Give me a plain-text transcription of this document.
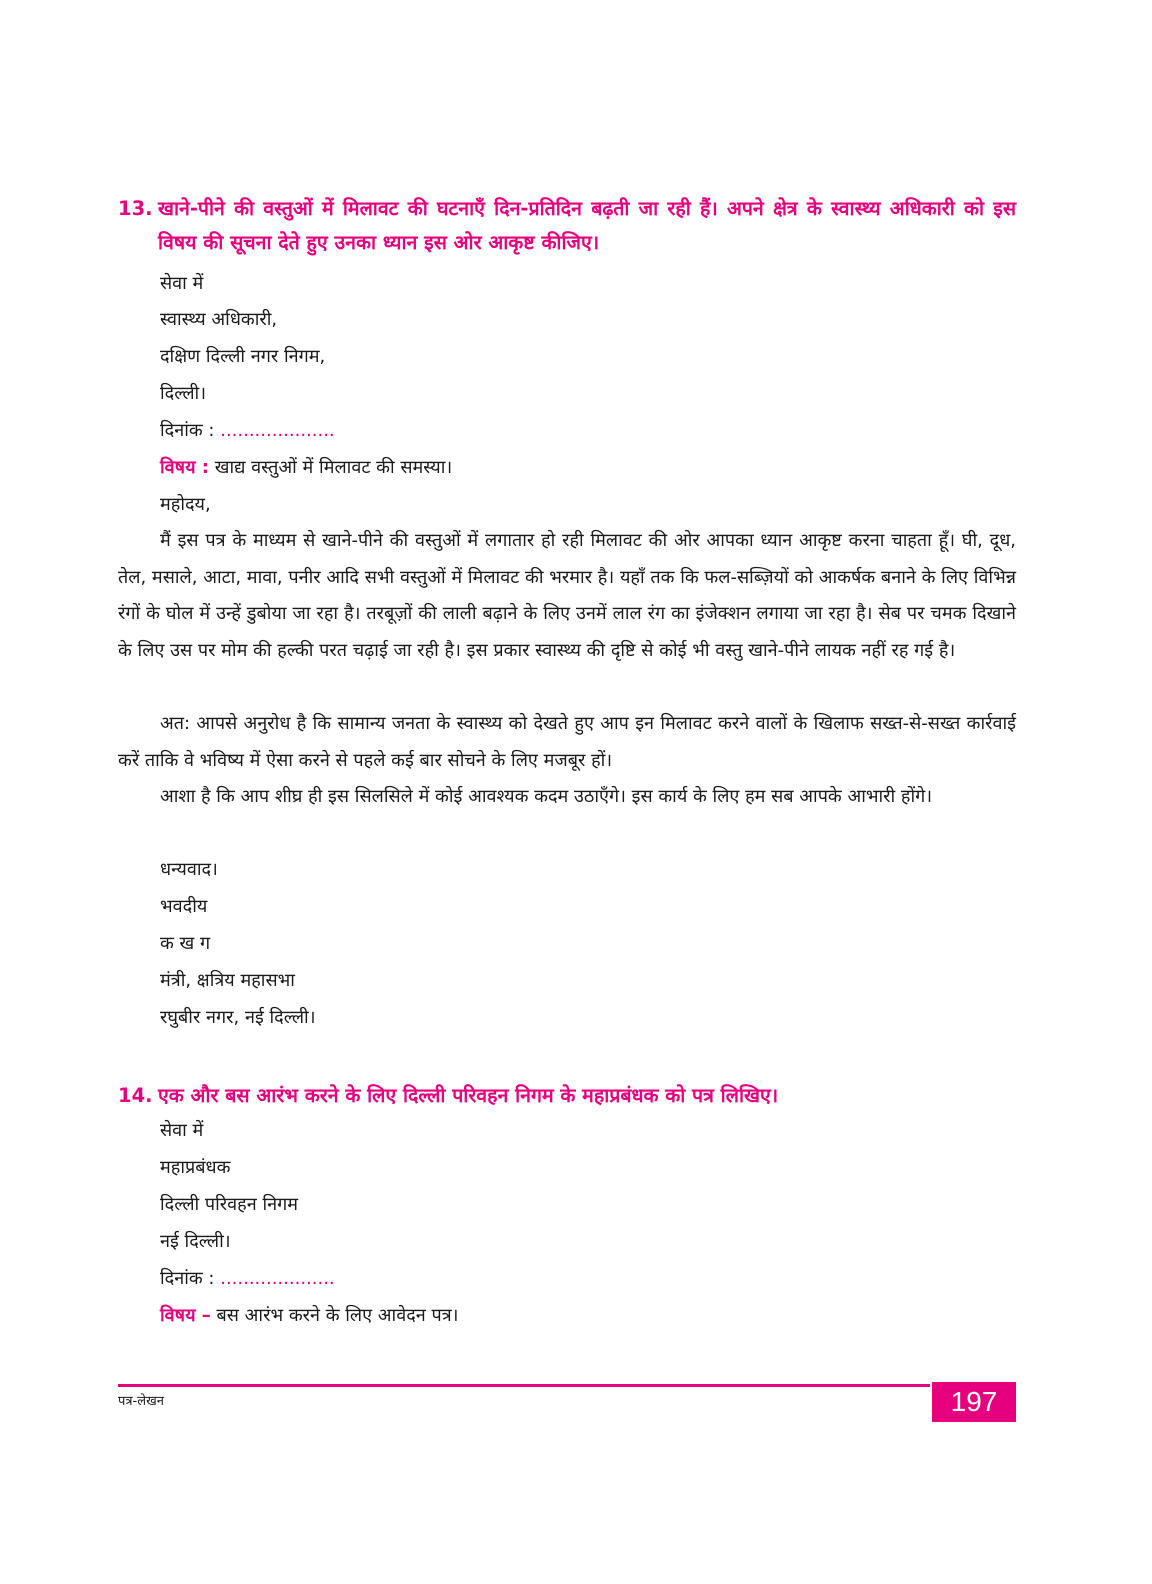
13. खाने-पीने की वस्तुओं में मिलावट की घटनाएँ दिन-प्रतिदिन बढ़ती जा रही हैं। अपने क्षेत्र के स्वास्थ्य अधिकारी को इस विषय की सूचना देते हुए उनका ध्यान इस ओर आकृष्ट कीजिए।
सेवा में
स्वास्थ्य अधिकारी,
दक्षिण दिल्ली नगर निगम,
दिल्ली।
दिनांक : ....................
विषय : खाद्य वस्तुओं में मिलावट की समस्या।
महोदय,
मैं इस पत्र के माध्यम से खाने-पीने की वस्तुओं में लगातार हो रही मिलावट की ओर आपका ध्यान आकृष्ट करना चाहता हूँ। घी, दूध, तेल, मसाले, आटा, मावा, पनीर आदि सभी वस्तुओं में मिलावट की भरमार है। यहाँ तक कि फल-सब्ज़ियों को आकर्षक बनाने के लिए विभिन्न रंगों के घोल में उन्हें डुबोया जा रहा है। तरबूज़ों की लाली बढ़ाने के लिए उनमें लाल रंग का इंजेक्शन लगाया जा रहा है। सेब पर चमक दिखाने के लिए उस पर मोम की हल्की परत चढ़ाई जा रही है। इस प्रकार स्वास्थ्य की दृष्टि से कोई भी वस्तु खाने-पीने लायक नहीं रह गई है।
अत: आपसे अनुरोध है कि सामान्य जनता के स्वास्थ्य को देखते हुए आप इन मिलावट करने वालों के खिलाफ सख्त-से-सख्त कार्रवाई करें ताकि वे भविष्य में ऐसा करने से पहले कई बार सोचने के लिए मजबूर हों।
आशा है कि आप शीघ्र ही इस सिलसिले में कोई आवश्यक कदम उठाएँगे। इस कार्य के लिए हम सब आपके आभारी होंगे।
धन्यवाद।
भवदीय
क ख ग
मंत्री, क्षत्रिय महासभा
रघुबीर नगर, नई दिल्ली।
14. एक और बस आरंभ करने के लिए दिल्ली परिवहन निगम के महाप्रबंधक को पत्र लिखिए।
सेवा में
महाप्रबंधक
दिल्ली परिवहन निगम
नई दिल्ली।
दिनांक : ....................
विषय – बस आरंभ करने के लिए आवेदन पत्र।
पत्र-लेखन	197
